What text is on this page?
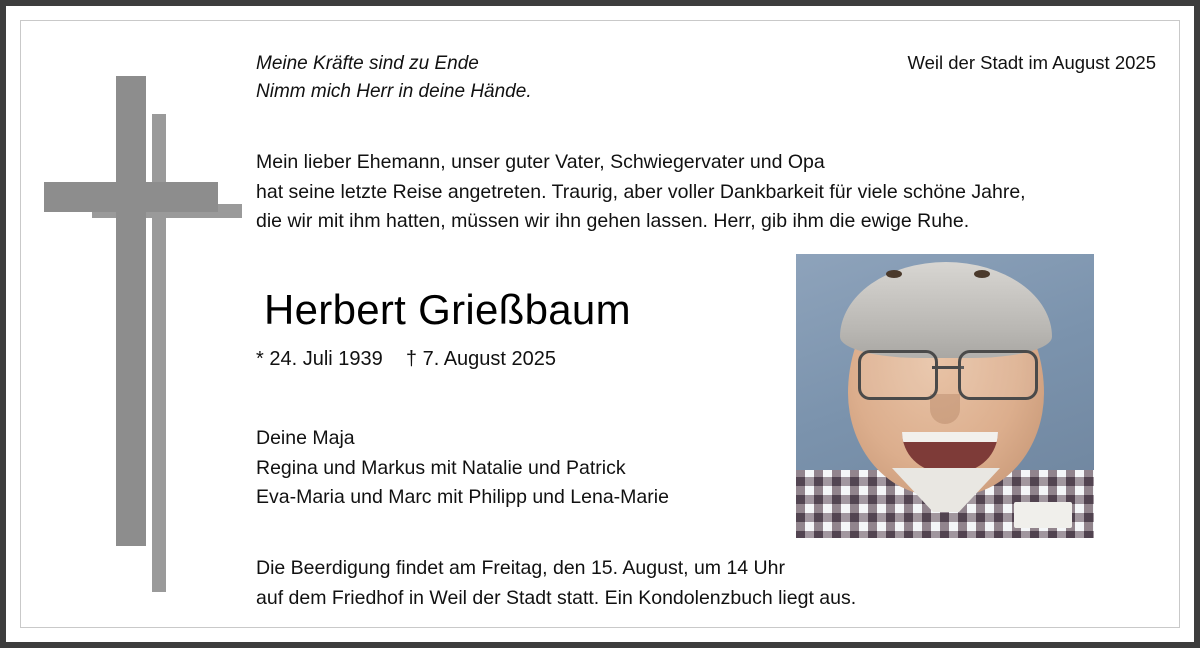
Meine Kräfte sind zu Ende
Nimm mich Herr in deine Hände.
Weil der Stadt im August 2025
Mein lieber Ehemann, unser guter Vater, Schwiegervater und Opa
hat seine letzte Reise angetreten. Traurig, aber voller Dankbarkeit für viele schöne Jahre,
die wir mit ihm hatten, müssen wir ihn gehen lassen. Herr, gib ihm die ewige Ruhe.
Herbert Grießbaum
* 24. Juli 1939 † 7. August 2025
Deine Maja
Regina und Markus mit Natalie und Patrick
Eva-Maria und Marc mit Philipp und Lena-Marie
Die Beerdigung findet am Freitag, den 15. August, um 14 Uhr
auf dem Friedhof in Weil der Stadt statt. Ein Kondolenzbuch liegt aus.
